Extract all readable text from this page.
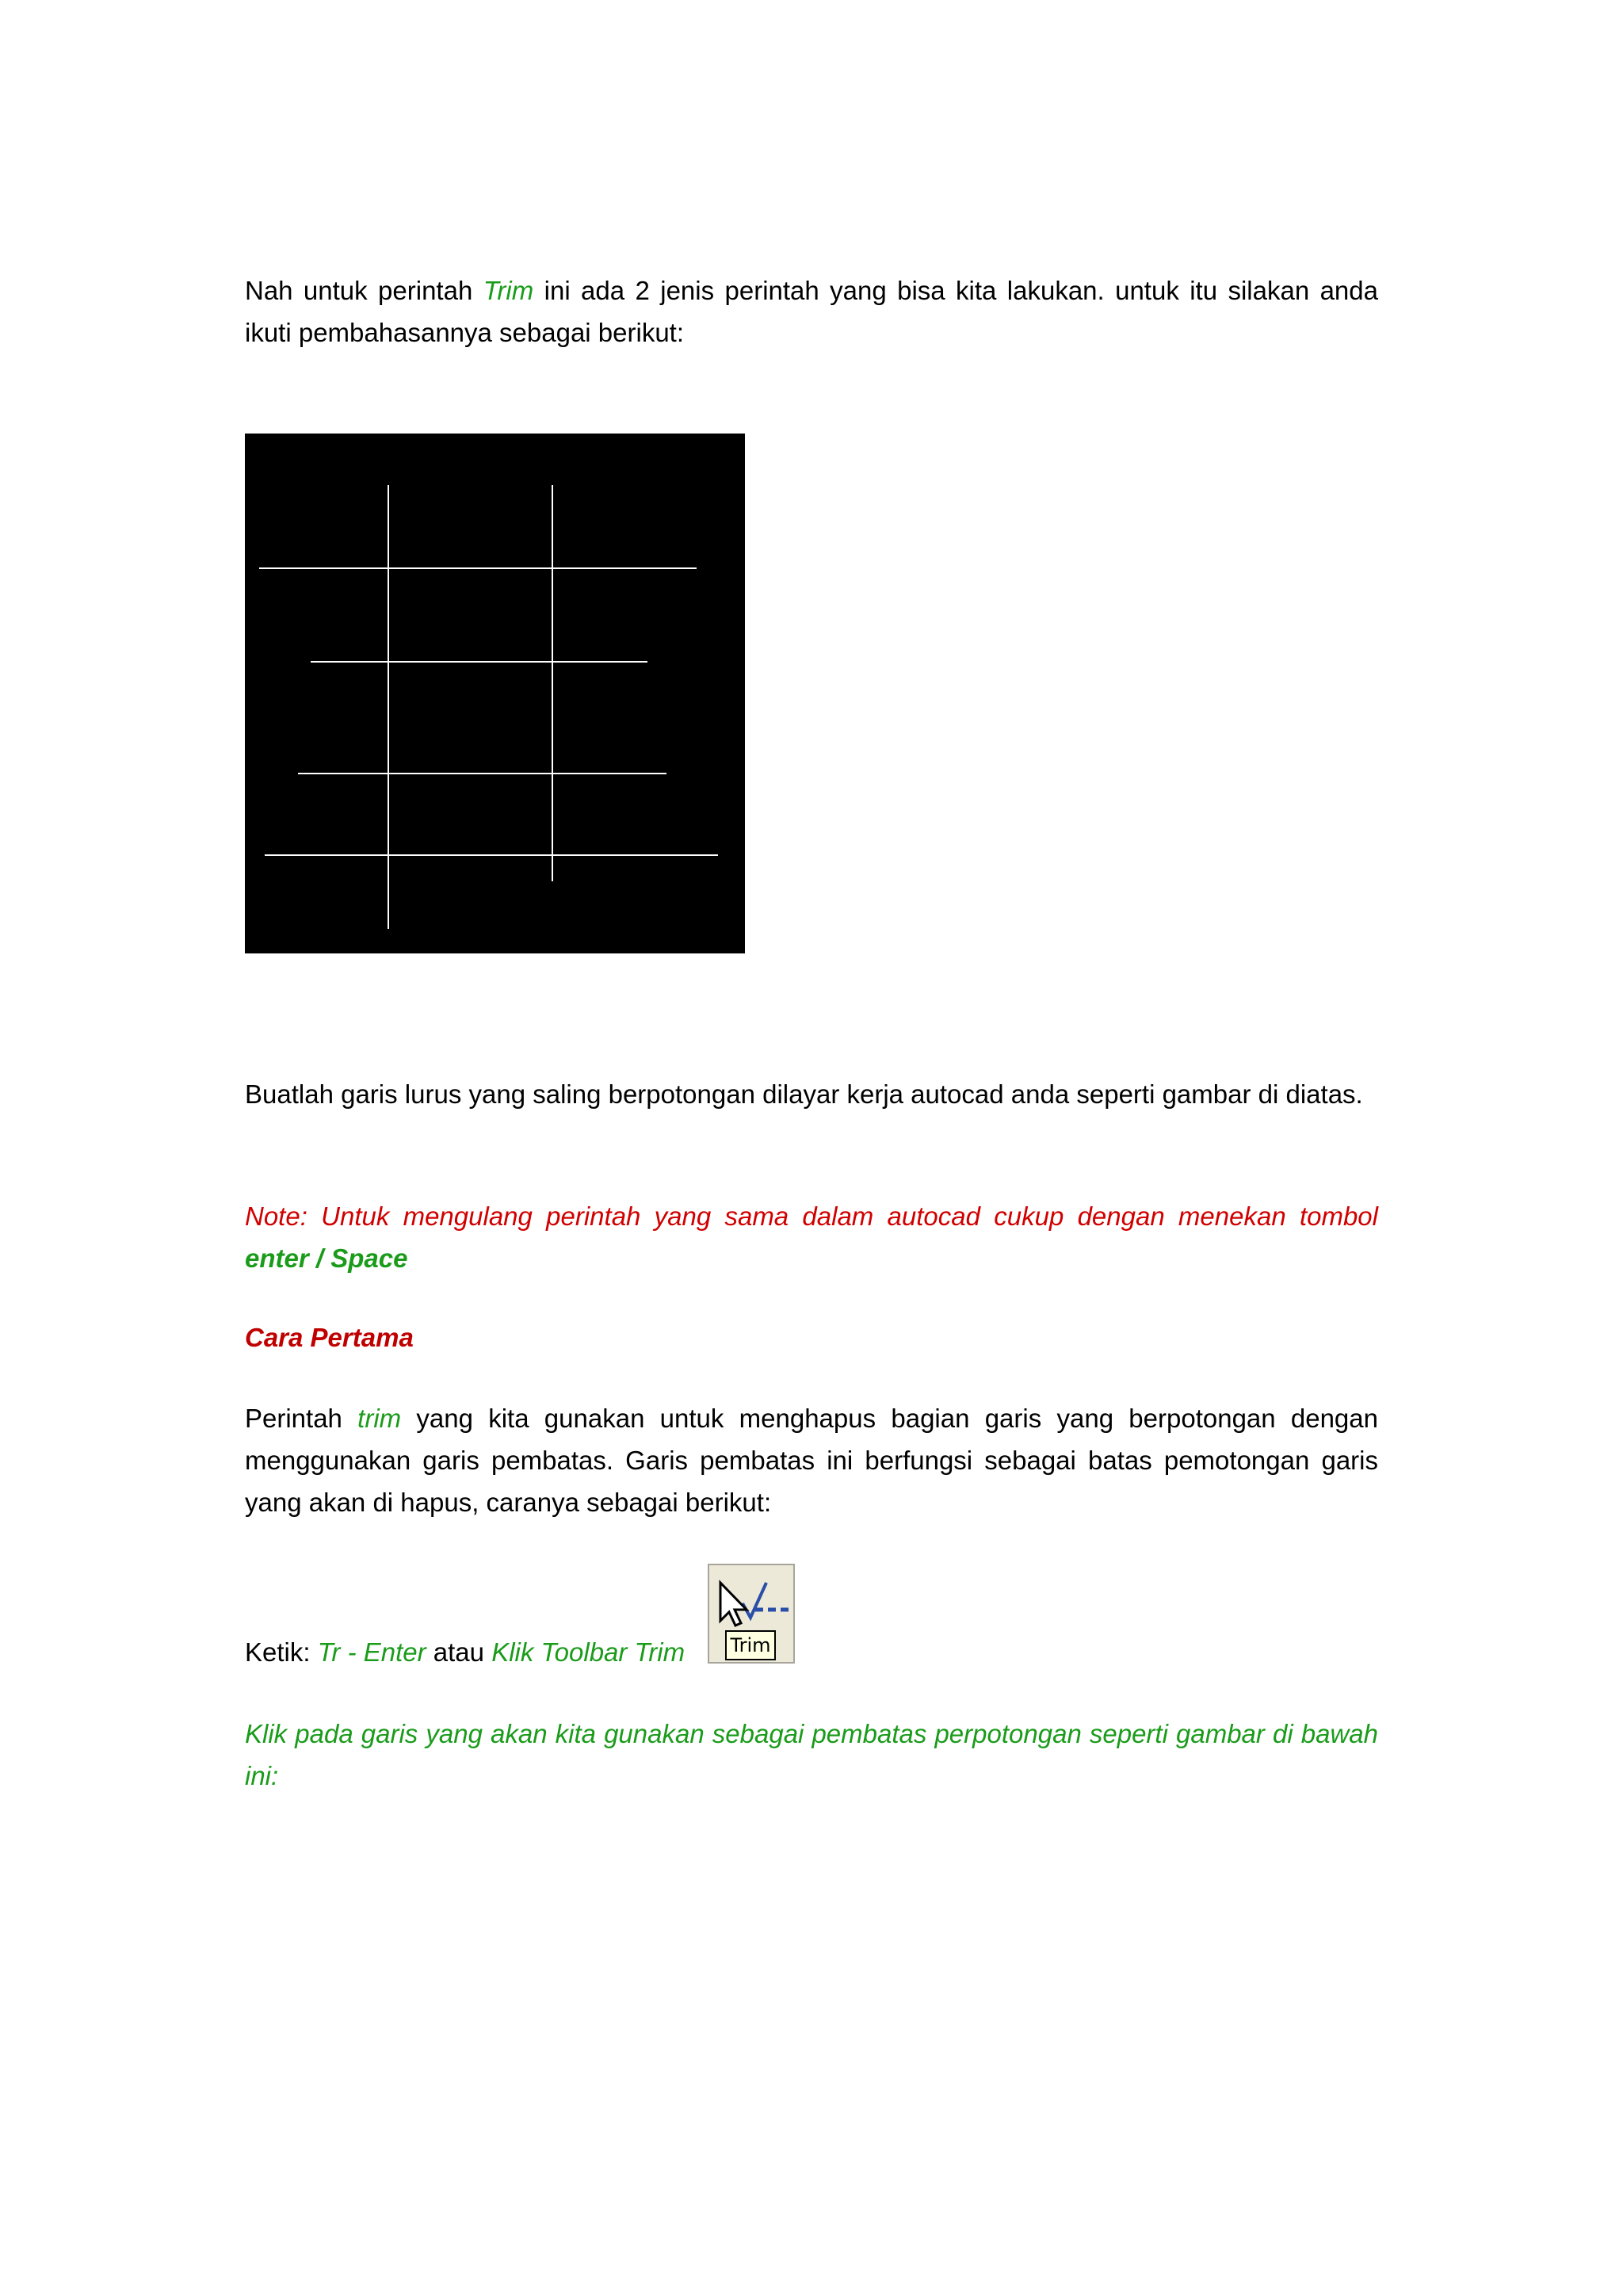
Nah untuk perintah Trim ini ada 2 jenis perintah yang bisa kita lakukan. untuk itu silakan anda ikuti pembahasannya sebagai berikut:

Buatlah garis lurus yang saling berpotongan dilayar kerja autocad anda seperti gambar di diatas.

Note: Untuk mengulang perintah yang sama dalam autocad cukup dengan menekan tombol enter / Space

Cara Pertama

Perintah trim yang kita gunakan untuk menghapus bagian garis yang berpotongan dengan menggunakan garis pembatas. Garis pembatas ini berfungsi sebagai batas pemotongan garis yang akan di hapus, caranya sebagai berikut:

Ketik: Tr - Enter atau Klik Toolbar Trim	Trim

Klik pada garis yang akan kita gunakan sebagai pembatas perpotongan seperti gambar di bawah ini:
